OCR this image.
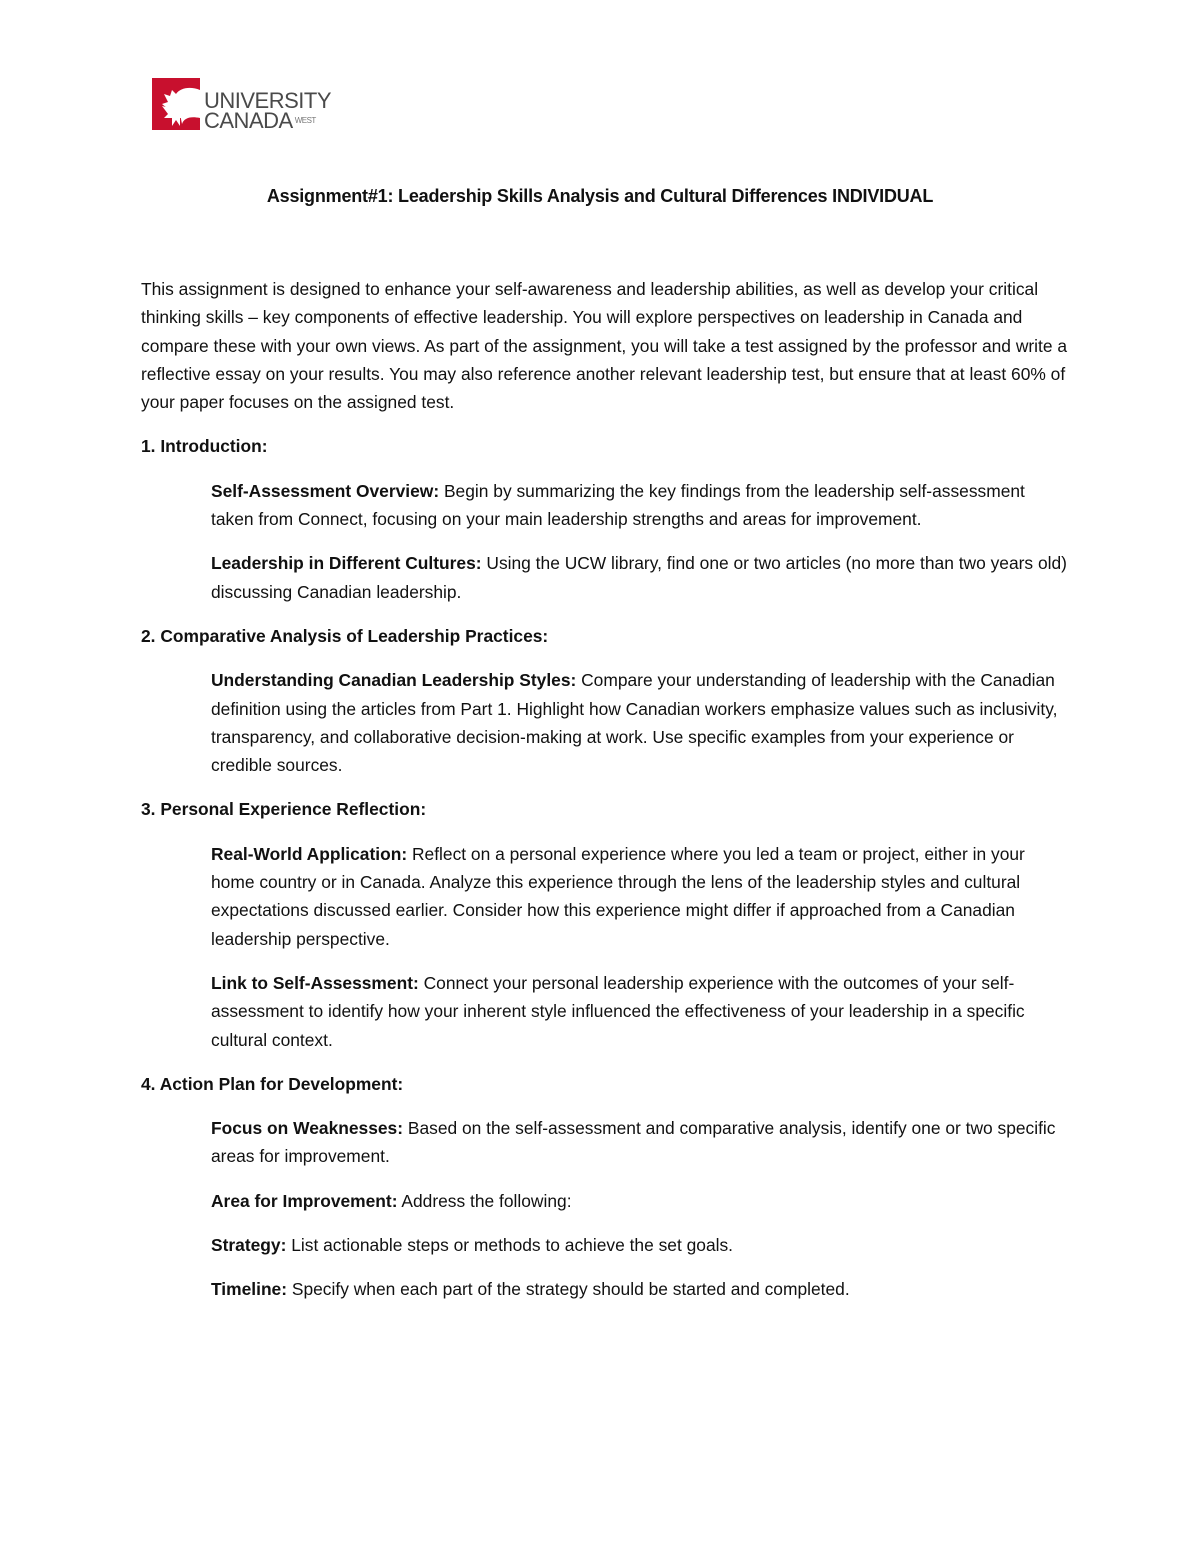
UNIVERSITY
CANADA WEST
Assignment#1: Leadership Skills Analysis and Cultural Differences INDIVIDUAL

This assignment is designed to enhance your self-awareness and leadership abilities, as well as develop your critical thinking skills – key components of effective leadership. You will explore perspectives on leadership in Canada and compare these with your own views. As part of the assignment, you will take a test assigned by the professor and write a reflective essay on your results. You may also reference another relevant leadership test, but ensure that at least 60% of your paper focuses on the assigned test.

1. Introduction:
Self-Assessment Overview: Begin by summarizing the key findings from the leadership self-assessment taken from Connect, focusing on your main leadership strengths and areas for improvement.
Leadership in Different Cultures: Using the UCW library, find one or two articles (no more than two years old) discussing Canadian leadership.
2. Comparative Analysis of Leadership Practices:
Understanding Canadian Leadership Styles: Compare your understanding of leadership with the Canadian definition using the articles from Part 1. Highlight how Canadian workers emphasize values such as inclusivity, transparency, and collaborative decision-making at work. Use specific examples from your experience or credible sources.
3. Personal Experience Reflection:
Real-World Application: Reflect on a personal experience where you led a team or project, either in your home country or in Canada. Analyze this experience through the lens of the leadership styles and cultural expectations discussed earlier. Consider how this experience might differ if approached from a Canadian leadership perspective.
Link to Self-Assessment: Connect your personal leadership experience with the outcomes of your self-assessment to identify how your inherent style influenced the effectiveness of your leadership in a specific cultural context.
4. Action Plan for Development:
Focus on Weaknesses: Based on the self-assessment and comparative analysis, identify one or two specific areas for improvement.
Area for Improvement: Address the following:
Strategy: List actionable steps or methods to achieve the set goals.
Timeline: Specify when each part of the strategy should be started and completed.
